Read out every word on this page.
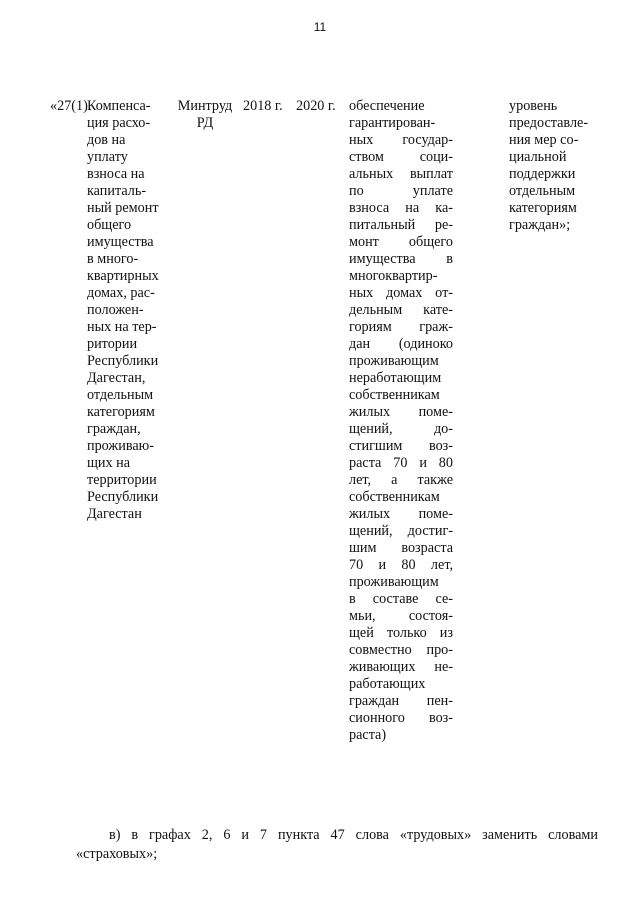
11
«27(1).
Компенса-
ция расхо-
дов на
уплату
взноса на
капиталь-
ный ремонт
общего
имущества
в много-
квартирных
домах, рас-
положен-
ных на тер-
ритории
Республики
Дагестан,
отдельным
категориям
граждан,
проживаю-
щих на
территории
Республики
Дагестан

Минтруд
РД

2018 г. 2020 г. обеспечение
гарантирован-
ных государ-
ством соци-
альных выплат
по уплате
взноса на ка-
питальный ре-
монт общего
имущества в
многоквартир-
ных домах от-
дельным кате-
гориям граж-
дан (одиноко
проживающим
неработающим
собственникам
жилых поме-
щений, до-
стигшим воз-
раста 70 и 80
лет, а также
собственникам
жилых поме-
щений, достиг-
шим возраста
70 и 80 лет,
проживающим
в составе се-
мьи, состоя-
щей только из
совместно про-
живающих не-
работающих
граждан пен-
сионного воз-
раста)
уровень
предоставле-
ния мер со-
циальной
поддержки
отдельным
категориям
граждан»;
в) в графах 2, 6 и 7 пункта 47 слова «трудовых» заменить словами
«страховых»;
